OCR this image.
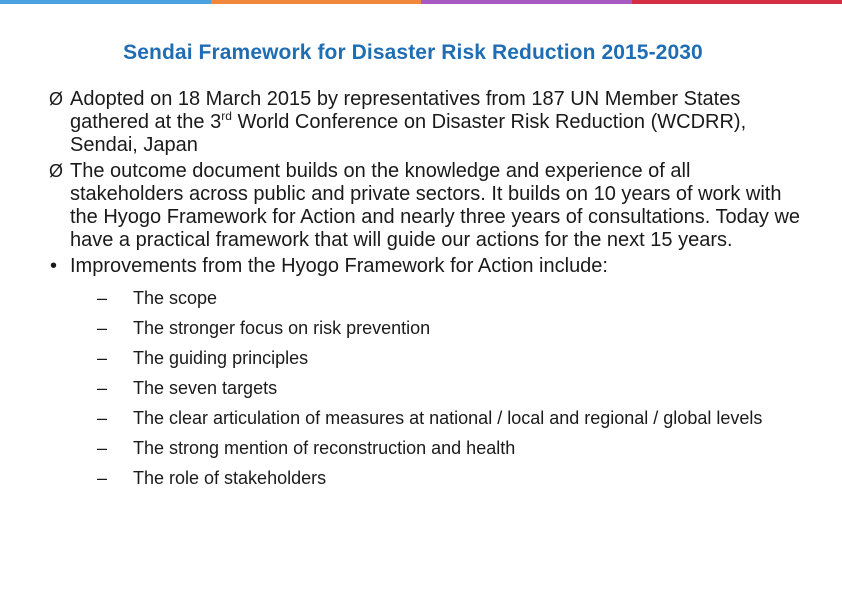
Sendai Framework for Disaster Risk Reduction 2015-2030
Ø Adopted on 18 March 2015 by representatives from 187 UN Member States gathered at the 3rd World Conference on Disaster Risk Reduction (WCDRR), Sendai, Japan
Ø The outcome document builds on the knowledge and experience of all stakeholders across public and private sectors. It builds on 10 years of work with the Hyogo Framework for Action and nearly three years of consultations. Today we have a practical framework that will guide our actions for the next 15 years.
• Improvements from the Hyogo Framework for Action include:
– The scope
– The stronger focus on risk prevention
– The guiding principles
– The seven targets
– The clear articulation of measures at national / local and regional / global levels
– The strong mention of reconstruction and health
– The role of stakeholders
